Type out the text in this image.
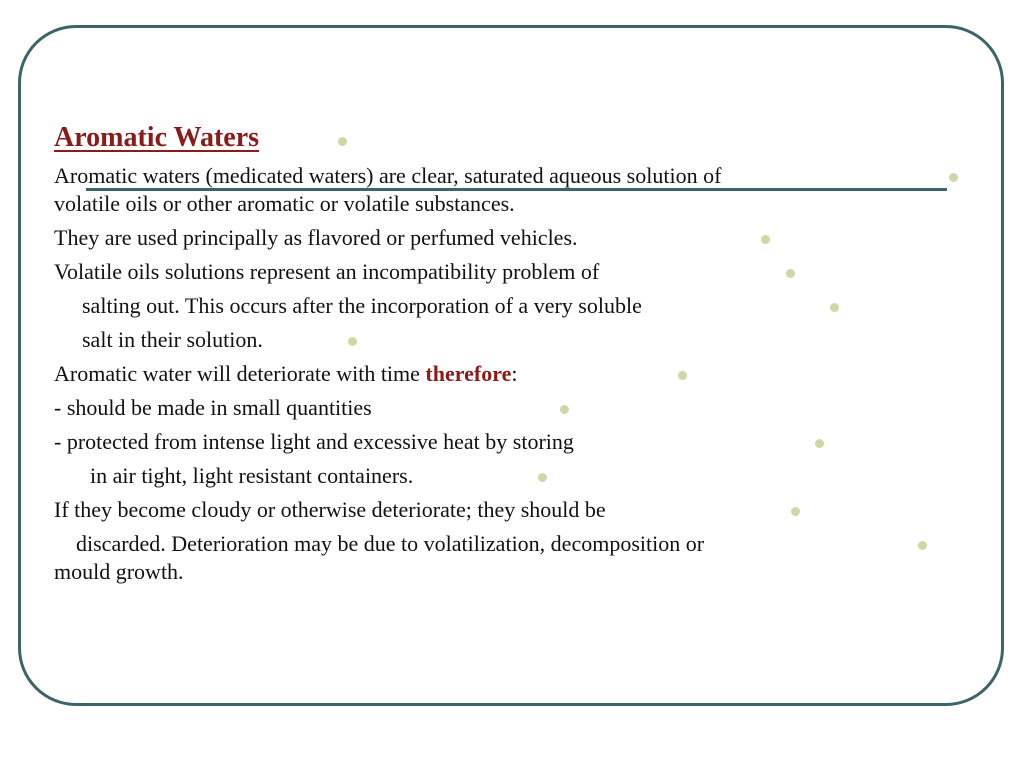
Aromatic Waters
Aromatic waters (medicated waters) are clear, saturated aqueous solution of
volatile oils or other aromatic or volatile substances.
They are used principally as flavored or perfumed vehicles.
Volatile oils solutions represent an incompatibility problem of
salting out. This occurs after the incorporation of a very soluble
salt in their solution.
Aromatic water will deteriorate with time therefore:
- should be made in small quantities
- protected from intense light and excessive heat by storing
in air tight, light resistant containers.
If they become cloudy or otherwise deteriorate; they should be
discarded. Deterioration may be due to volatilization, decomposition or
mould growth.
